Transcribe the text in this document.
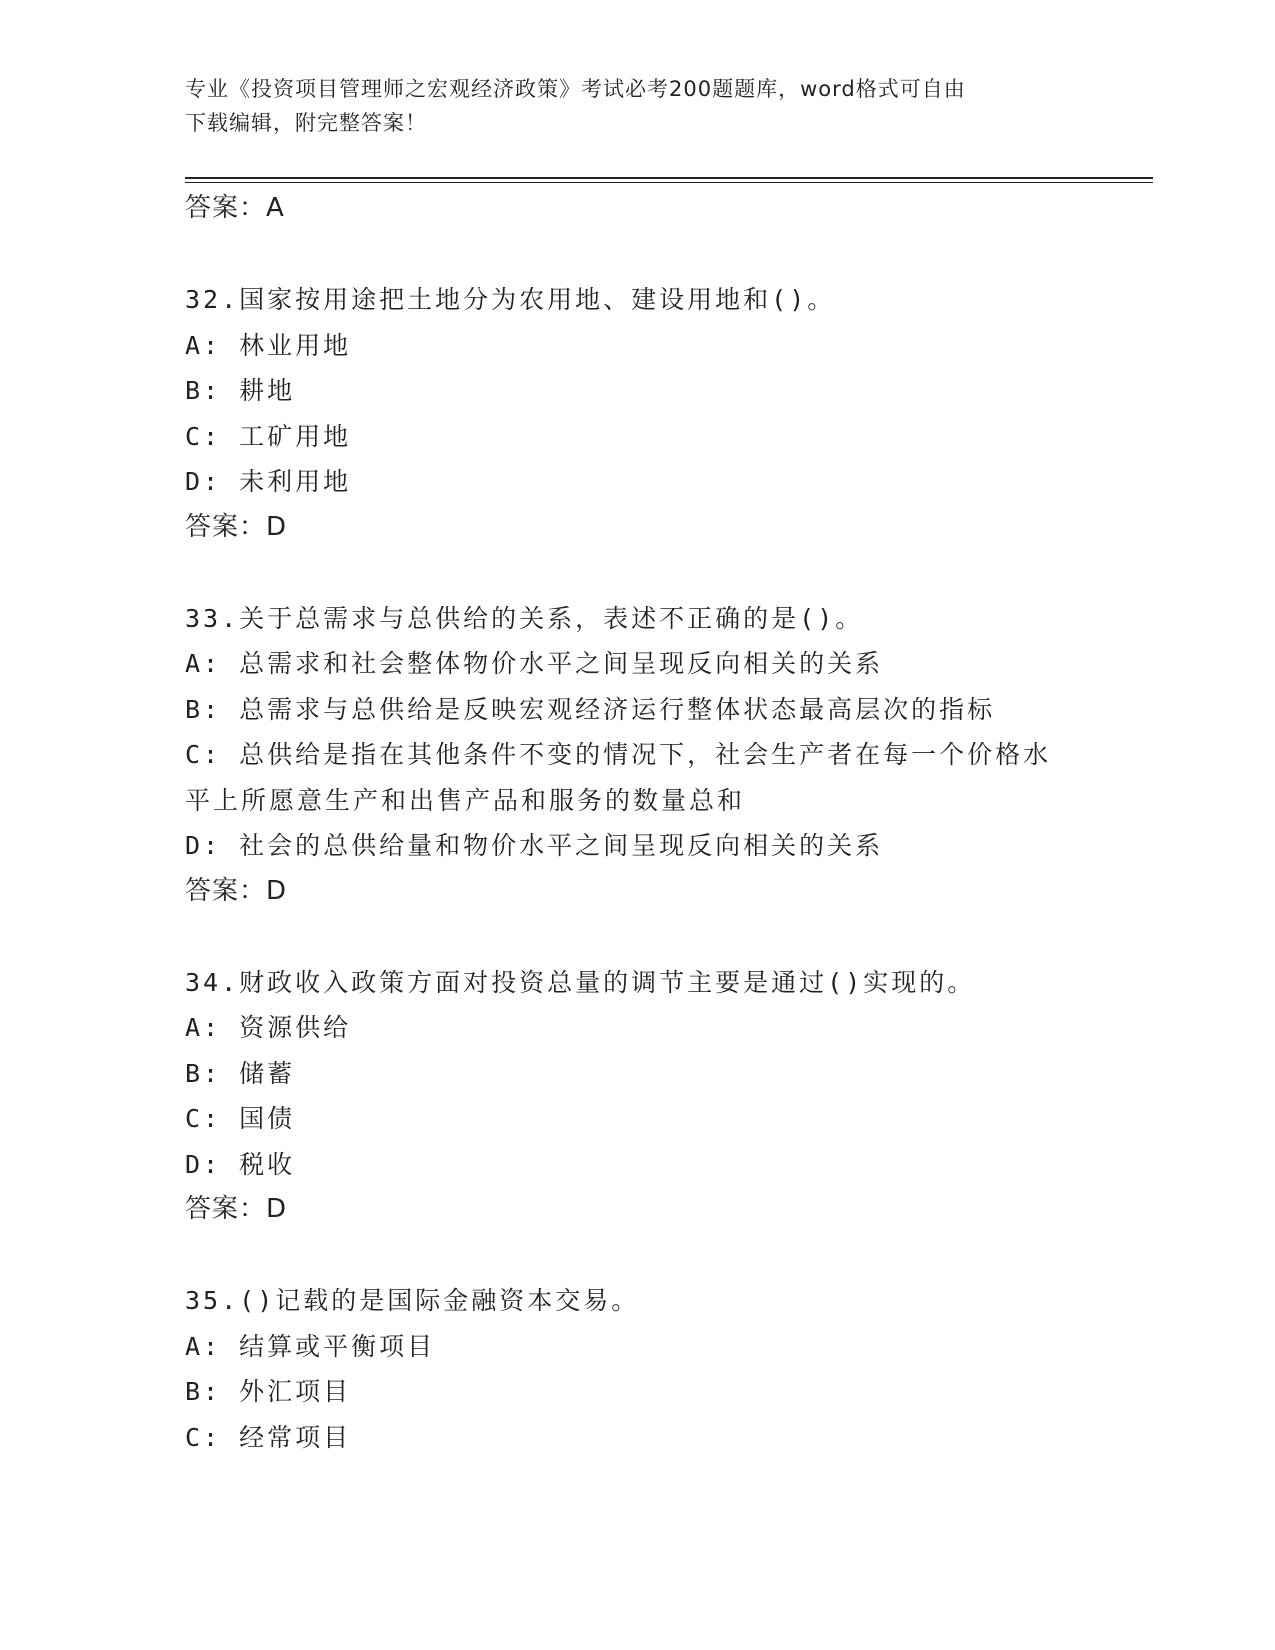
专业《投资项目管理师之宏观经济政策》考试必考200题题库，word格式可自由
下载编辑，附完整答案！
答案：A
32.国家按用途把土地分为农用地、建设用地和()。
A: 林业用地
B: 耕地
C: 工矿用地
D: 未利用地
答案：D
33.关于总需求与总供给的关系，表述不正确的是()。
A: 总需求和社会整体物价水平之间呈现反向相关的关系
B: 总需求与总供给是反映宏观经济运行整体状态最高层次的指标
C: 总供给是指在其他条件不变的情况下，社会生产者在每一个价格水
平上所愿意生产和出售产品和服务的数量总和
D: 社会的总供给量和物价水平之间呈现反向相关的关系
答案：D
34.财政收入政策方面对投资总量的调节主要是通过()实现的。
A: 资源供给
B: 储蓄
C: 国债
D: 税收
答案：D
35.()记载的是国际金融资本交易。
A: 结算或平衡项目
B: 外汇项目
C: 经常项目
